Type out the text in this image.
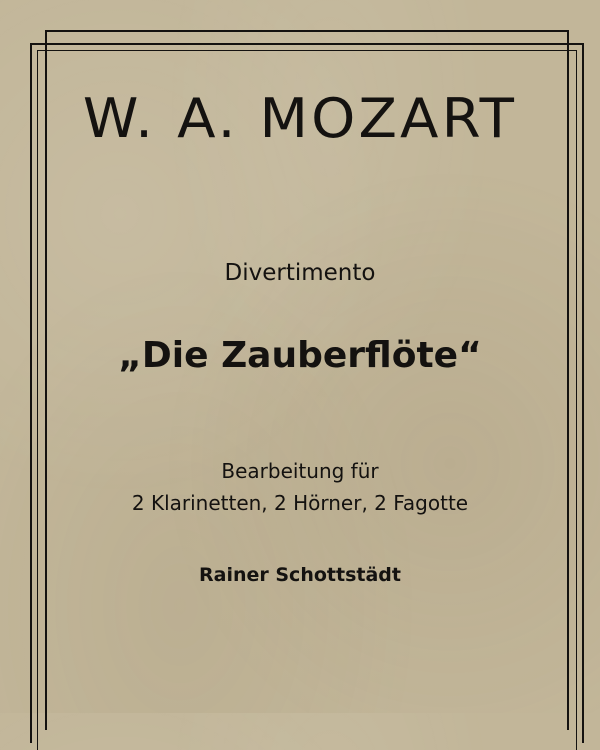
W. A. MOZART
Divertimento
„Die Zauberflöte“
Bearbeitung für
2 Klarinetten, 2 Hörner, 2 Fagotte
Rainer Schottstädt
